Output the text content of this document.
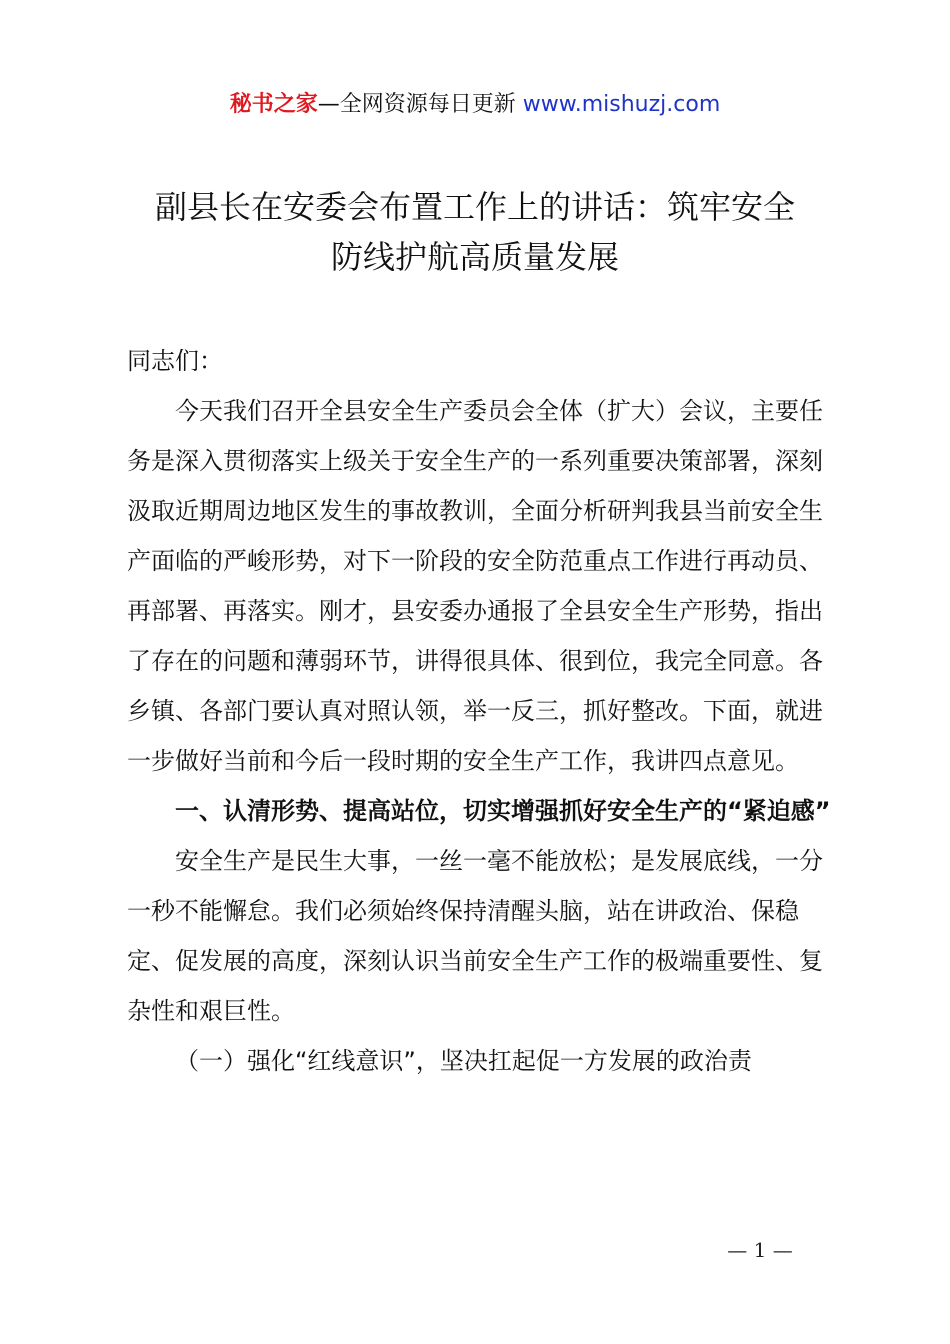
秘书之家—全网资源每日更新 www.mishuzj.com
副县长在安委会布置工作上的讲话：筑牢安全
防线护航高质量发展

同志们：

今天我们召开全县安全生产委员会全体（扩大）会议，主要任务是深入贯彻落实上级关于安全生产的一系列重要决策部署，深刻汲取近期周边地区发生的事故教训，全面分析研判我县当前安全生产面临的严峻形势，对下一阶段的安全防范重点工作进行再动员、再部署、再落实。刚才，县安委办通报了全县安全生产形势，指出了存在的问题和薄弱环节，讲得很具体、很到位，我完全同意。各乡镇、各部门要认真对照认领，举一反三，抓好整改。下面，就进一步做好当前和今后一段时期的安全生产工作，我讲四点意见。

一、认清形势、提高站位，切实增强抓好安全生产的“紧迫感”

安全生产是民生大事，一丝一毫不能放松；是发展底线，一分一秒不能懈怠。我们必须始终保持清醒头脑，站在讲政治、保稳定、促发展的高度，深刻认识当前安全生产工作的极端重要性、复杂性和艰巨性。

（一）强化“红线意识”，坚决扛起促一方发展的政治责

— 1 —
